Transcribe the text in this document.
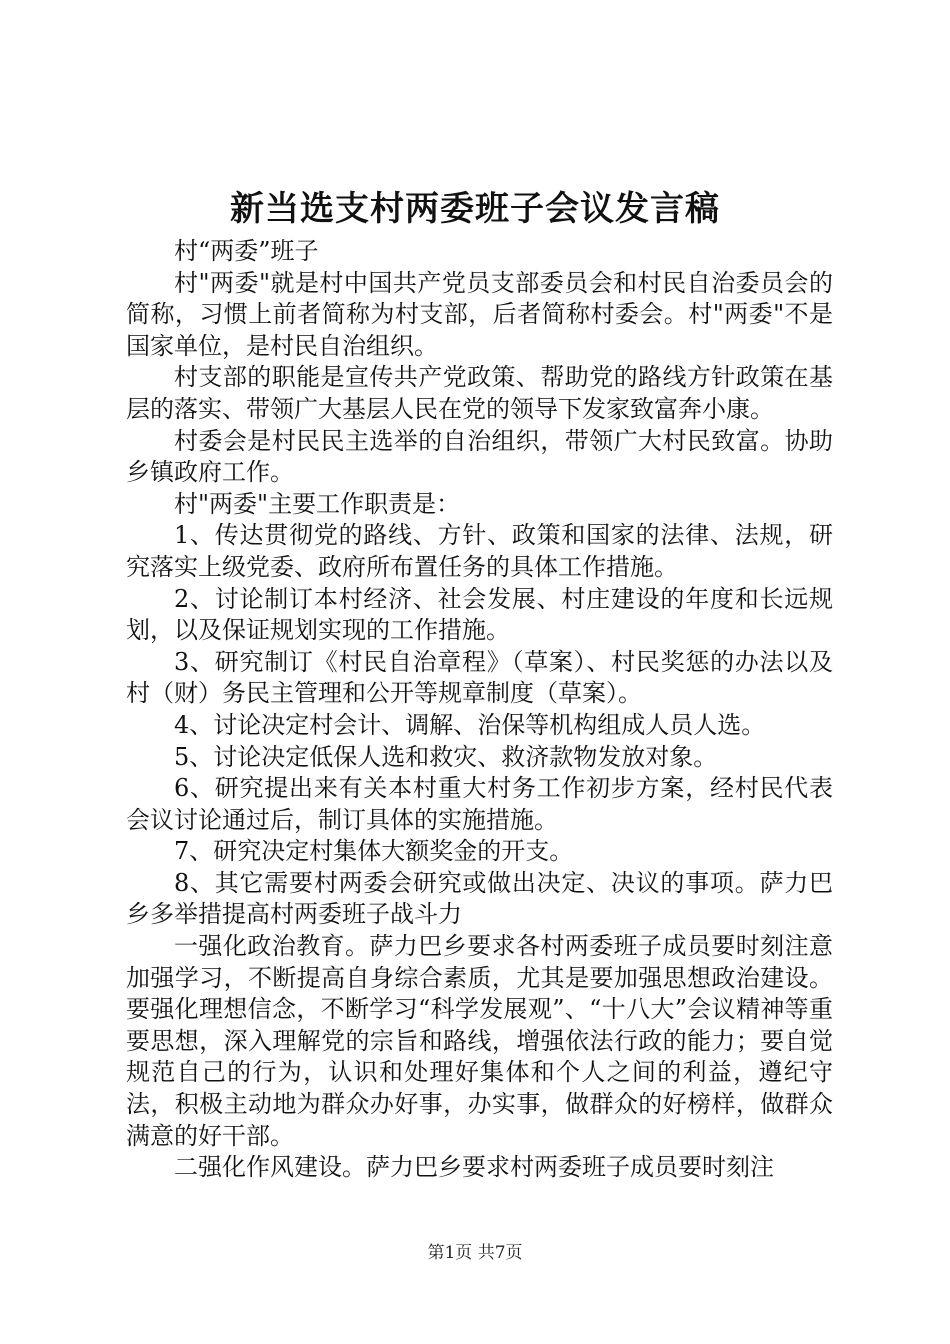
新当选支村两委班子会议发言稿

村“两委”班子

村"两委"就是村中国共产党员支部委员会和村民自治委员会的简称，习惯上前者简称为村支部，后者简称村委会。村"两委"不是国家单位，是村民自治组织。

村支部的职能是宣传共产党政策、帮助党的路线方针政策在基层的落实、带领广大基层人民在党的领导下发家致富奔小康。

村委会是村民民主选举的自治组织，带领广大村民致富。协助乡镇政府工作。

村"两委"主要工作职责是：

1、传达贯彻党的路线、方针、政策和国家的法律、法规，研究落实上级党委、政府所布置任务的具体工作措施。

2、讨论制订本村经济、社会发展、村庄建设的年度和长远规划，以及保证规划实现的工作措施。

3、研究制订《村民自治章程》（草案）、村民奖惩的办法以及村（财）务民主管理和公开等规章制度（草案）。

4、讨论决定村会计、调解、治保等机构组成人员人选。

5、讨论决定低保人选和救灾、救济款物发放对象。

6、研究提出来有关本村重大村务工作初步方案，经村民代表会议讨论通过后，制订具体的实施措施。

7、研究决定村集体大额奖金的开支。

8、其它需要村两委会研究或做出决定、决议的事项。萨力巴乡多举措提高村两委班子战斗力

一强化政治教育。萨力巴乡要求各村两委班子成员要时刻注意加强学习，不断提高自身综合素质，尤其是要加强思想政治建设。要强化理想信念，不断学习“科学发展观”、“十八大”会议精神等重要思想，深入理解党的宗旨和路线，增强依法行政的能力；要自觉规范自己的行为，认识和处理好集体和个人之间的利益，遵纪守法，积极主动地为群众办好事，办实事，做群众的好榜样，做群众满意的好干部。

二强化作风建设。萨力巴乡要求村两委班子成员要时刻注

第1页 共7页
